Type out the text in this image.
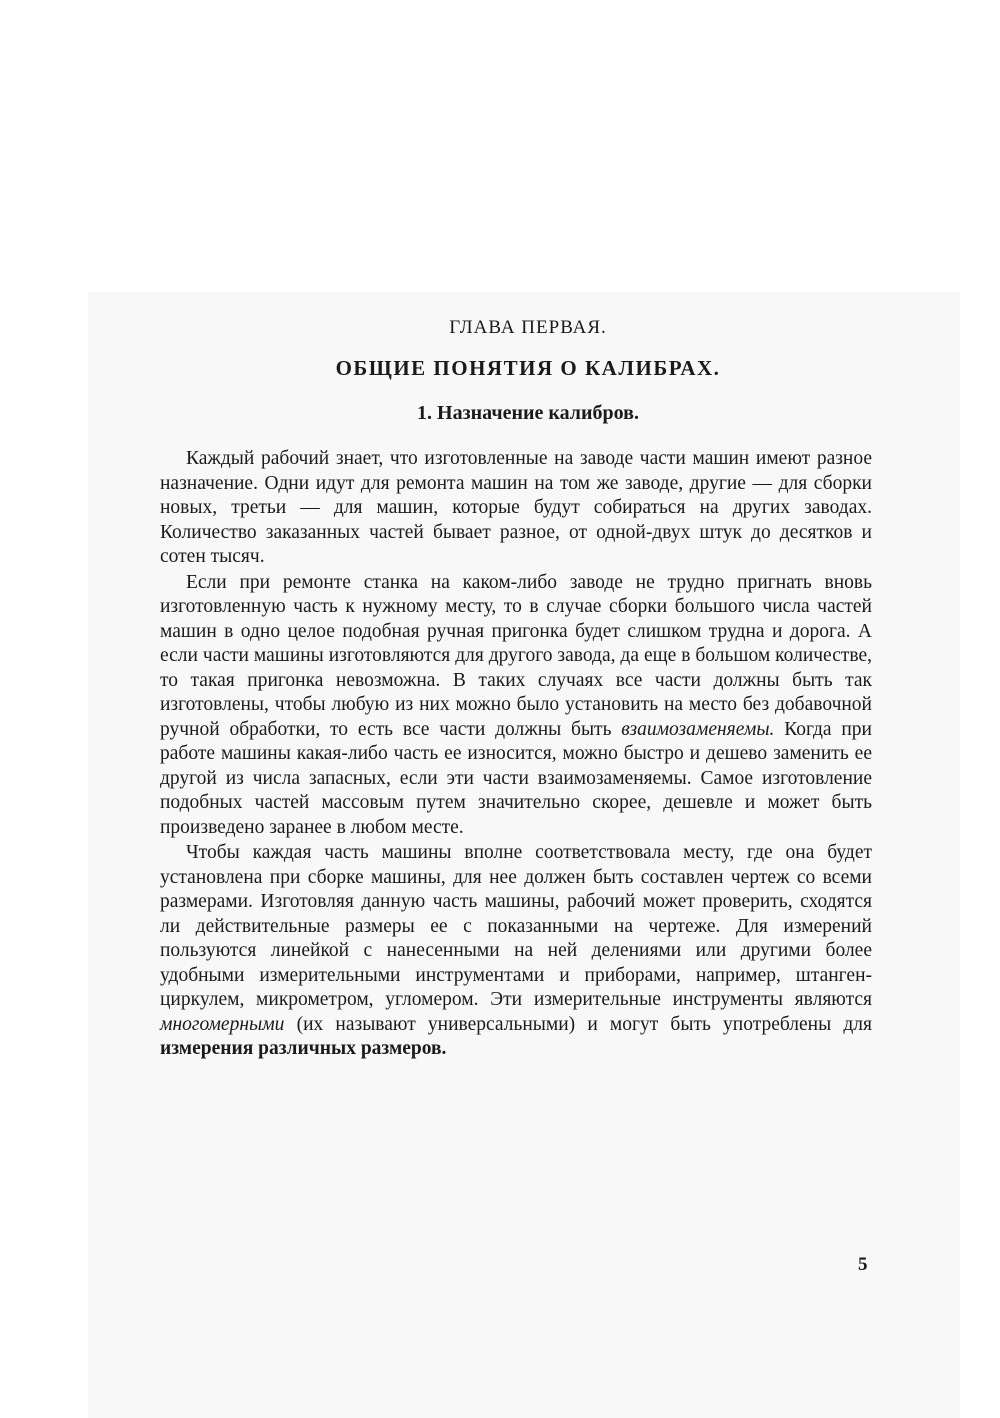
ГЛАВА ПЕРВАЯ.
ОБЩИЕ ПОНЯТИЯ О КАЛИБРАХ.
1. Назначение калибров.

Каждый рабочий знает, что изготовленные на заводе части машин имеют разное назначение. Одни идут для ремонта машин на том же заводе, другие — для сборки новых, третьи — для машин, которые будут собираться на других заводах. Количество заказанных частей бывает разное, от одной-двух штук до десятков и сотен тысяч.

Если при ремонте станка на каком-либо заводе не трудно пригнать вновь изготовленную часть к нужному месту, то в случае сборки большого числа частей машин в одно целое подобная ручная пригонка будет слишком трудна и дорога. А если части машины изготовляются для другого завода, да еще в большом количестве, то такая пригонка невозможна. В таких случаях все части должны быть так изготовлены, чтобы любую из них можно было установить на место без добавочной ручной обработки, то есть все части должны быть взаимозаменяемы. Когда при работе машины какая-либо часть ее износится, можно быстро и дешево заменить ее другой из числа запасных, если эти части взаимозаменяемы. Самое изготовление подобных частей массовым путем значительно скорее, дешевле и может быть произведено заранее в любом месте.

Чтобы каждая часть машины вполне соответствовала месту, где она будет установлена при сборке машины, для нее должен быть составлен чертеж со всеми размерами. Изготовляя данную часть машины, рабочий может проверить, сходятся ли действительные размеры ее с показанными на чертеже. Для измерений пользуются линейкой с нанесенными на ней делениями или другими более удобными измерительными инструментами и приборами, например, штанген-циркулем, микрометром, угломером. Эти измерительные инструменты являются многомерными (их называют универсальными) и могут быть употреблены для измерения различных размеров.

5
